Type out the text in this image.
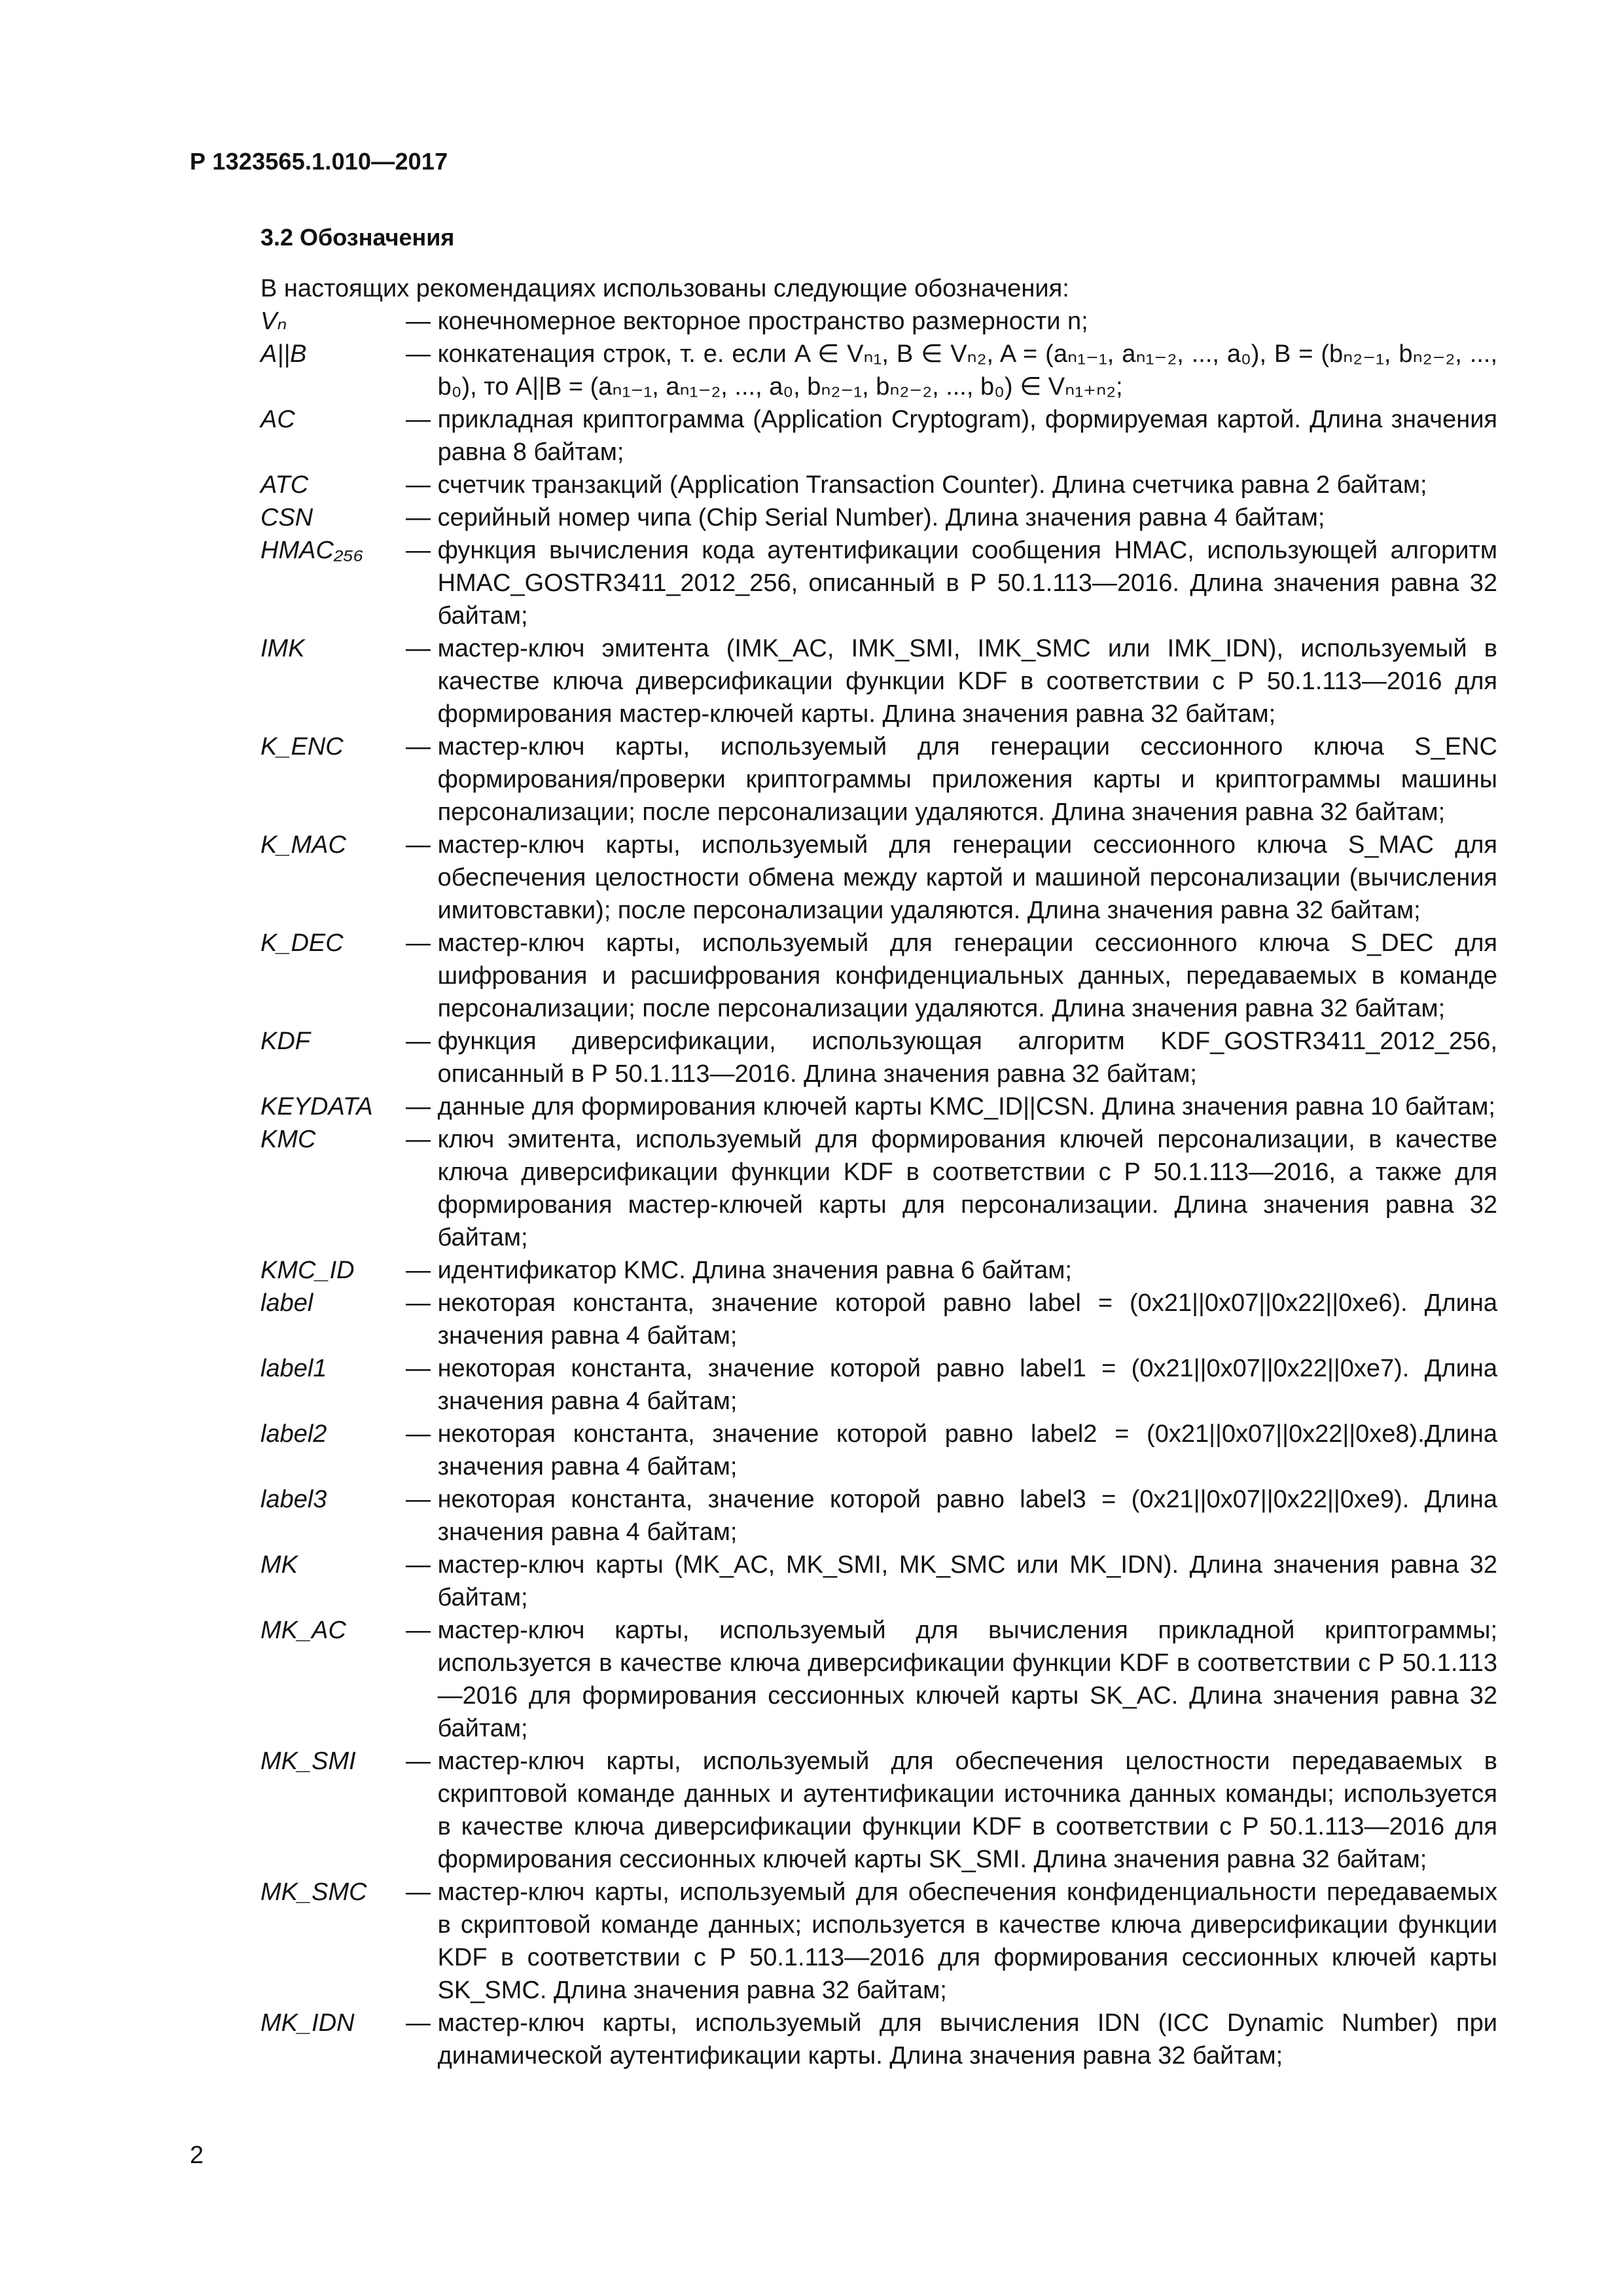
Р 1323565.1.010—2017
3.2 Обозначения
В настоящих рекомендациях использованы следующие обозначения:
Vₙ	— конечномерное векторное пространство размерности n;
A||B	— конкатенация строк, т. е. если A ∈ Vₙ₁, B ∈ Vₙ₂, A = (aₙ₁₋₁, aₙ₁₋₂, ..., a₀), B = (bₙ₂₋₁, bₙ₂₋₂, ..., b₀), то A||B = (aₙ₁₋₁, aₙ₁₋₂, ..., a₀, bₙ₂₋₁, bₙ₂₋₂, ..., b₀) ∈ Vₙ₁₊ₙ₂;
AC	— прикладная криптограмма (Application Cryptogram), формируемая картой. Длина значения равна 8 байтам;
ATC	— счетчик транзакций (Application Transaction Counter). Длина счетчика равна 2 байтам;
CSN	— серийный номер чипа (Chip Serial Number). Длина значения равна 4 байтам;
HMAC₂₅₆	— функция вычисления кода аутентификации сообщения HMAC, использующей алгоритм HMAC_GOSTR3411_2012_256, описанный в Р 50.1.113—2016. Длина значения равна 32 байтам;
IMK	— мастер-ключ эмитента (IMK_AC, IMK_SMI, IMK_SMC или IMK_IDN), используемый в качестве ключа диверсификации функции KDF в соответствии с Р 50.1.113—2016 для формирования мастер-ключей карты. Длина значения равна 32 байтам;
K_ENC	— мастер-ключ карты, используемый для генерации сессионного ключа S_ENC формирования/проверки криптограммы приложения карты и криптограммы машины персонализации; после персонализации удаляются. Длина значения равна 32 байтам;
K_MAC	— мастер-ключ карты, используемый для генерации сессионного ключа S_MAC для обеспечения целостности обмена между картой и машиной персонализации (вычисления имитовставки); после персонализации удаляются. Длина значения равна 32 байтам;
K_DEC	— мастер-ключ карты, используемый для генерации сессионного ключа S_DEC для шифрования и расшифрования конфиденциальных данных, передаваемых в команде персонализации; после персонализации удаляются. Длина значения равна 32 байтам;
KDF	— функция диверсификации, использующая алгоритм KDF_GOSTR3411_2012_256, описанный в Р 50.1.113—2016. Длина значения равна 32 байтам;
KEYDATA	— данные для формирования ключей карты KMC_ID||CSN. Длина значения равна 10 байтам;
KMC	— ключ эмитента, используемый для формирования ключей персонализации, в качестве ключа диверсификации функции KDF в соответствии с Р 50.1.113—2016, а также для формирования мастер-ключей карты для персонализации. Длина значения равна 32 байтам;
KMC_ID	— идентификатор KMC. Длина значения равна 6 байтам;
label	— некоторая константа, значение которой равно label = (0x21||0x07||0x22||0xe6). Длина значения равна 4 байтам;
label1	— некоторая константа, значение которой равно label1 = (0x21||0x07||0x22||0xe7). Длина значения равна 4 байтам;
label2	— некоторая константа, значение которой равно label2 = (0x21||0x07||0x22||0xe8).Длина значения равна 4 байтам;
label3	— некоторая константа, значение которой равно label3 = (0x21||0x07||0x22||0xe9). Длина значения равна 4 байтам;
MK	— мастер-ключ карты (MK_AC, MK_SMI, MK_SMC или MK_IDN). Длина значения равна 32 байтам;
MK_AC	— мастер-ключ карты, используемый для вычисления прикладной криптограммы; используется в качестве ключа диверсификации функции KDF в соответствии с Р 50.1.113—2016 для формирования сессионных ключей карты SK_AC. Длина значения равна 32 байтам;
MK_SMI	— мастер-ключ карты, используемый для обеспечения целостности передаваемых в скриптовой команде данных и аутентификации источника данных команды; используется в качестве ключа диверсификации функции KDF в соответствии с Р 50.1.113—2016 для формирования сессионных ключей карты SK_SMI. Длина значения равна 32 байтам;
MK_SMC	— мастер-ключ карты, используемый для обеспечения конфиденциальности передаваемых в скриптовой команде данных; используется в качестве ключа диверсификации функции KDF в соответствии с Р 50.1.113—2016 для формирования сессионных ключей карты SK_SMC. Длина значения равна 32 байтам;
MK_IDN	— мастер-ключ карты, используемый для вычисления IDN (ICC Dynamic Number) при динамической аутентификации карты. Длина значения равна 32 байтам;
2
